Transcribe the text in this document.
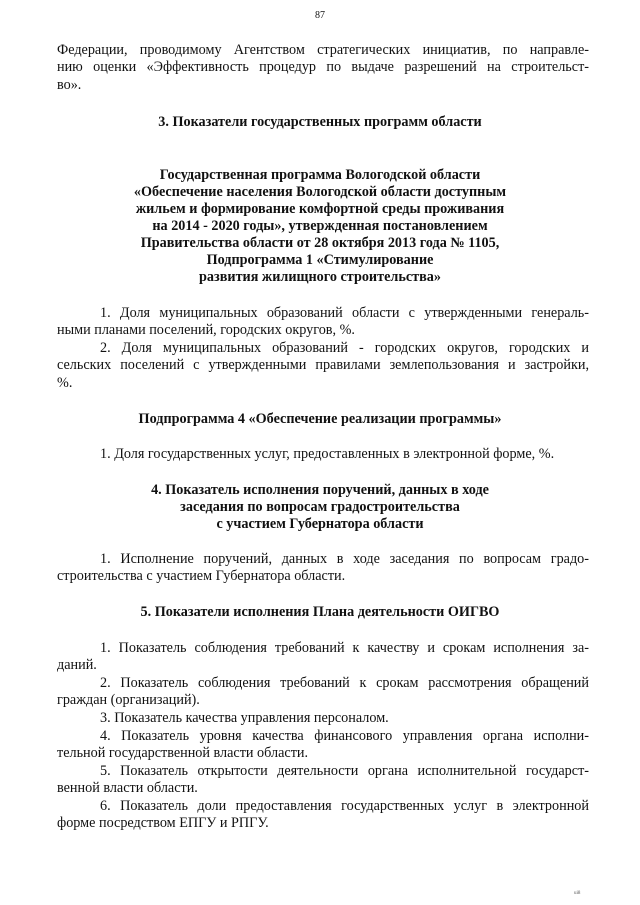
87
Федерации, проводимому Агентством стратегических инициатив, по направле-
нию оценки «Эффективность процедур по выдаче разрешений на строительст-
во».
3. Показатели государственных программ области
Государственная программа Вологодской области
«Обеспечение населения Вологодской области доступным
жильем и формирование комфортной среды проживания
на 2014 - 2020 годы», утвержденная постановлением
Правительства области от 28 октября 2013 года № 1105,
Подпрограмма 1 «Стимулирование
развития жилищного строительства»
1. Доля муниципальных образований области с утвержденными генераль-
ными планами поселений, городских округов, %.
2. Доля муниципальных образований - городских округов, городских и
сельских поселений с утвержденными правилами землепользования и застройки,
%.
Подпрограмма 4 «Обеспечение реализации программы»
1. Доля государственных услуг, предоставленных в электронной форме, %.
4. Показатель исполнения поручений, данных в ходе
заседания по вопросам градостроительства
с участием Губернатора области
1. Исполнение поручений, данных в ходе заседания по вопросам градо-
строительства с участием Губернатора области.
5. Показатели исполнения Плана деятельности ОИГВО
1. Показатель соблюдения требований к качеству и срокам исполнения за-
даний.
2. Показатель соблюдения требований к срокам рассмотрения обращений
граждан (организаций).
3. Показатель качества управления персоналом.
4. Показатель уровня качества финансового управления органа исполни-
тельной государственной власти области.
5. Показатель открытости деятельности органа исполнительной государст-
венной власти области.
6. Показатель доли предоставления государственных услуг в электронной
форме посредством ЕПГУ и РПГУ.
ui8
